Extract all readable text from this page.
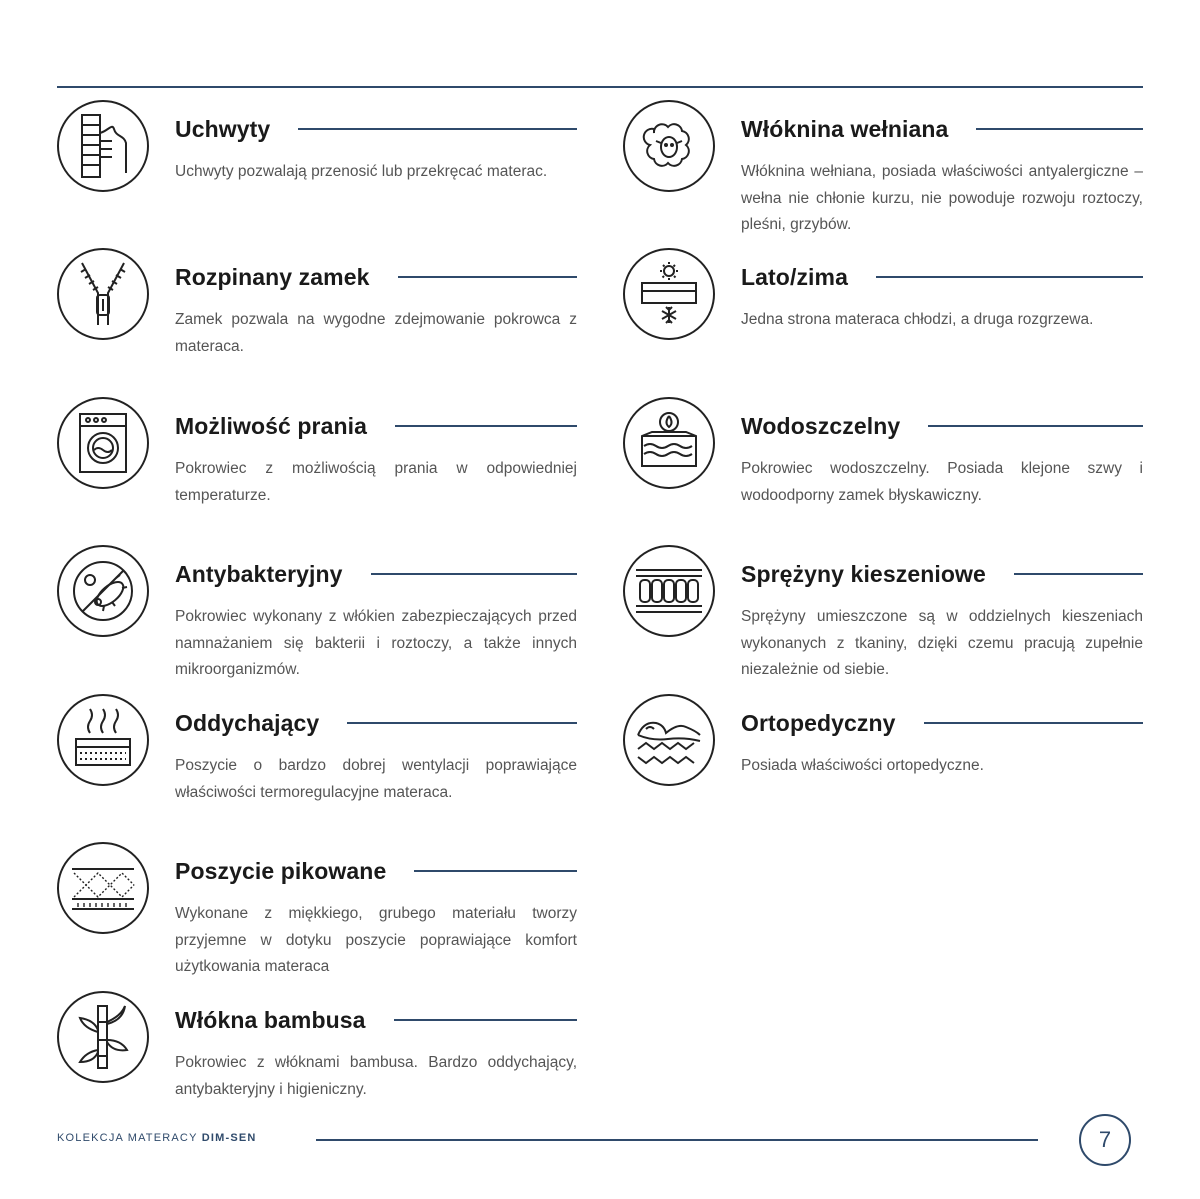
Uchwyty
Uchwyty pozwalają przenosić lub przekręcać materac.
Rozpinany zamek
Zamek pozwala na wygodne zdejmowanie pokrowca z materaca.
Możliwość prania
Pokrowiec z możliwością prania w odpowiedniej temperaturze.
Antybakteryjny
Pokrowiec wykonany z włókien zabezpieczających przed namnażaniem się bakterii i roztoczy, a także innych mikroorganizmów.
Oddychający
Poszycie o bardzo dobrej wentylacji poprawiające właściwości termoregulacyjne materaca.
Poszycie pikowane
Wykonane z miękkiego, grubego materiału tworzy przyjemne w dotyku poszycie poprawiające komfort użytkowania materaca
Włókna bambusa
Pokrowiec z włóknami bambusa. Bardzo oddychający, antybakteryjny i higieniczny.
Włóknina wełniana
Włóknina wełniana, posiada właściwości antyalergiczne – wełna nie chłonie kurzu, nie powoduje rozwoju roztoczy, pleśni, grzybów.
Lato/zima
Jedna strona materaca chłodzi, a druga rozgrzewa.
Wodoszczelny
Pokrowiec wodoszczelny. Posiada klejone szwy i wodoodporny zamek błyskawiczny.
Sprężyny kieszeniowe
Sprężyny umieszczone są w oddzielnych kieszeniach wykonanych z tkaniny, dzięki czemu pracują zupełnie niezależnie od siebie.
Ortopedyczny
Posiada właściwości ortopedyczne.
KOLEKCJA MATERACY DIM-SEN	7
